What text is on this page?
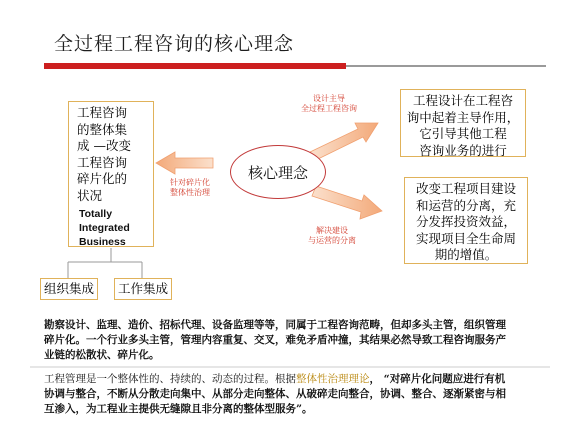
全过程工程咨询的核心理念
工程咨询
的整体集
成 —改变
工程咨询
碎片化的
状况
Totally
Integrated
Business
组织集成	工作集成
核心理念
针对碎片化
整体性治理
设计主导
全过程工程咨询
解决建设
与运营的分离
工程设计在工程咨
询中起着主导作用，
它引导其他工程
咨询业务的进行
改变工程项目建设
和运营的分离，充
分发挥投资效益，
实现项目全生命周
期的增值。
勘察设计、监理、造价、招标代理、设备监理等等，同属于工程咨询范畴，但却多头主管，组织管理
碎片化。一个行业多头主管，管理内容重复、交叉，难免矛盾冲撞，其结果必然导致工程咨询服务产
业链的松散状、碎片化。
工程管理是一个整体性的、持续的、动态的过程。根据整体性治理理论， “对碎片化问题应进行有机
协调与整合，不断从分散走向集中、从部分走向整体、从破碎走向整合，协调、整合、逐渐紧密与相
互渗入，为工程业主提供无缝隙且非分离的整体型服务”。
